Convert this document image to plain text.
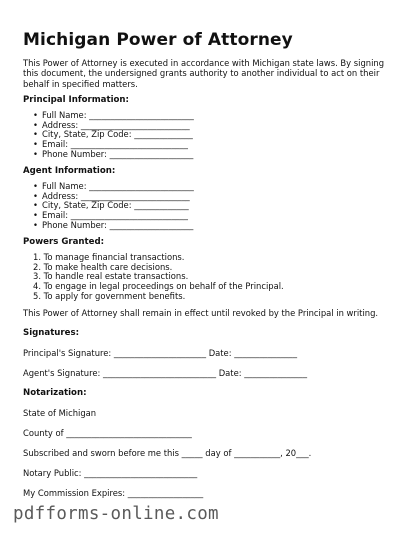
Michigan Power of Attorney

This Power of Attorney is executed in accordance with Michigan state laws. By signing this document, the undersigned grants authority to another individual to act on their behalf in specified matters.

Principal Information:
• Full Name: _________________________
• Address: __________________________
• City, State, Zip Code: ______________
• Email: ____________________________
• Phone Number: ____________________
Agent Information:
• Full Name: _________________________
• Address: __________________________
• City, State, Zip Code: _____________
• Email: ____________________________
• Phone Number: ____________________
Powers Granted:
1. To manage financial transactions.
2. To make health care decisions.
3. To handle real estate transactions.
4. To engage in legal proceedings on behalf of the Principal.
5. To apply for government benefits.

This Power of Attorney shall remain in effect until revoked by the Principal in writing.

Signatures:

Principal's Signature: ______________________ Date: _______________

Agent's Signature: ___________________________ Date: _______________

Notarization:

State of Michigan

County of ______________________________

Subscribed and sworn before me this _____ day of ___________, 20___.

Notary Public: ___________________________

My Commission Expires: __________________

pdfforms-online.com
